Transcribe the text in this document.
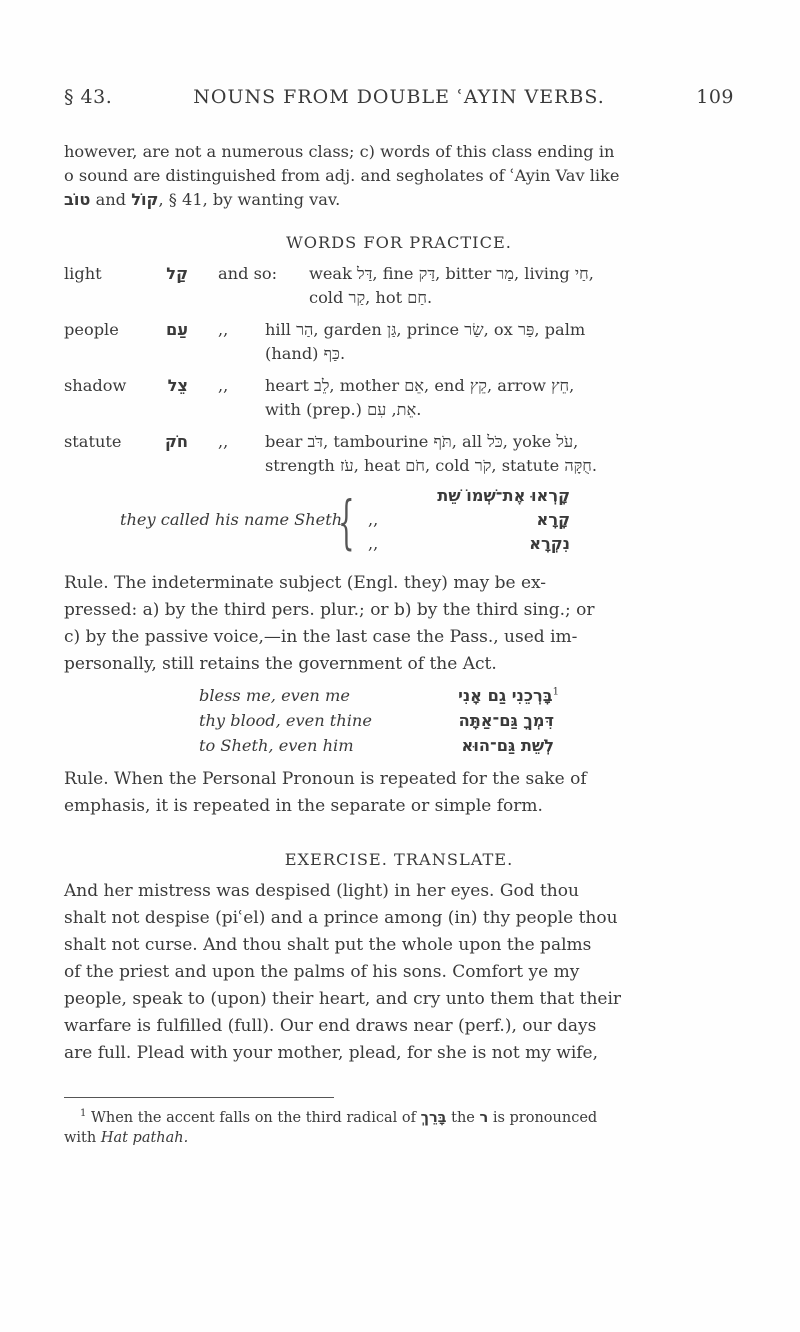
§ 43.	NOUNS FROM DOUBLE ʿAYIN VERBS.	109
however, are not a numerous class; c) words of this class ending in
o sound are distinguished from adj. and segholates of ʿAyin Vav like
טוֹב and קוֹל, § 41, by wanting vav.
WORDS FOR PRACTICE.
light	קַל and so: weak דַּל, fine דַּק, bitter מַר, living חַי,
cold קַר, hot חַם.
people	עַם ,, hill הַר, garden גַּן, prince שַׂר, ox פַּר, palm
(hand) כַּף.
shadow	צֵל ,, heart לֵב, mother אֵם, end קֵץ, arrow חֵץ,
with (prep.) אֵת, עִם.
statute	חֹק ,, bear דֹּב, tambourine תֹּף, all כֹּל, yoke עֹל,
strength עֹז, heat חֹם, cold קֹר, statute חֻקָּה.
they called his name Sheth
{	קָרְאוּ אֶת־שְׁמוֹ שֵׁת
,,	קָרָא
,,	נִקְרָא
Rule. The indeterminate subject (Engl. they) may be ex-
pressed: a) by the third pers. plur.; or b) by the third sing.; or
c) by the passive voice,—in the last case the Pass., used im-
personally, still retains the government of the Act.
bless me, even me	בָּרְכֵנִי גַם אָנִי$^1$
thy blood, even thine	דִּמְךָ גַּם־אַתָּה
to Sheth, even him	לְשֵׁת גַּם־הוּא
Rule. When the Personal Pronoun is repeated for the sake of
emphasis, it is repeated in the separate or simple form.
EXERCISE. TRANSLATE.
And her mistress was despised (light) in her eyes. God thou
shalt not despise (piʿel) and a prince among (in) thy people thou
shalt not curse. And thou shalt put the whole upon the palms
of the priest and upon the palms of his sons. Comfort ye my
people, speak to (upon) their heart, and cry unto them that their
warfare is fulfilled (full). Our end draws near (perf.), our days
are full. Plead with your mother, plead, for she is not my wife,
$^1$ When the accent falls on the third radical of בָּרֵךְ the ר is pronounced
with Hat pathah.
